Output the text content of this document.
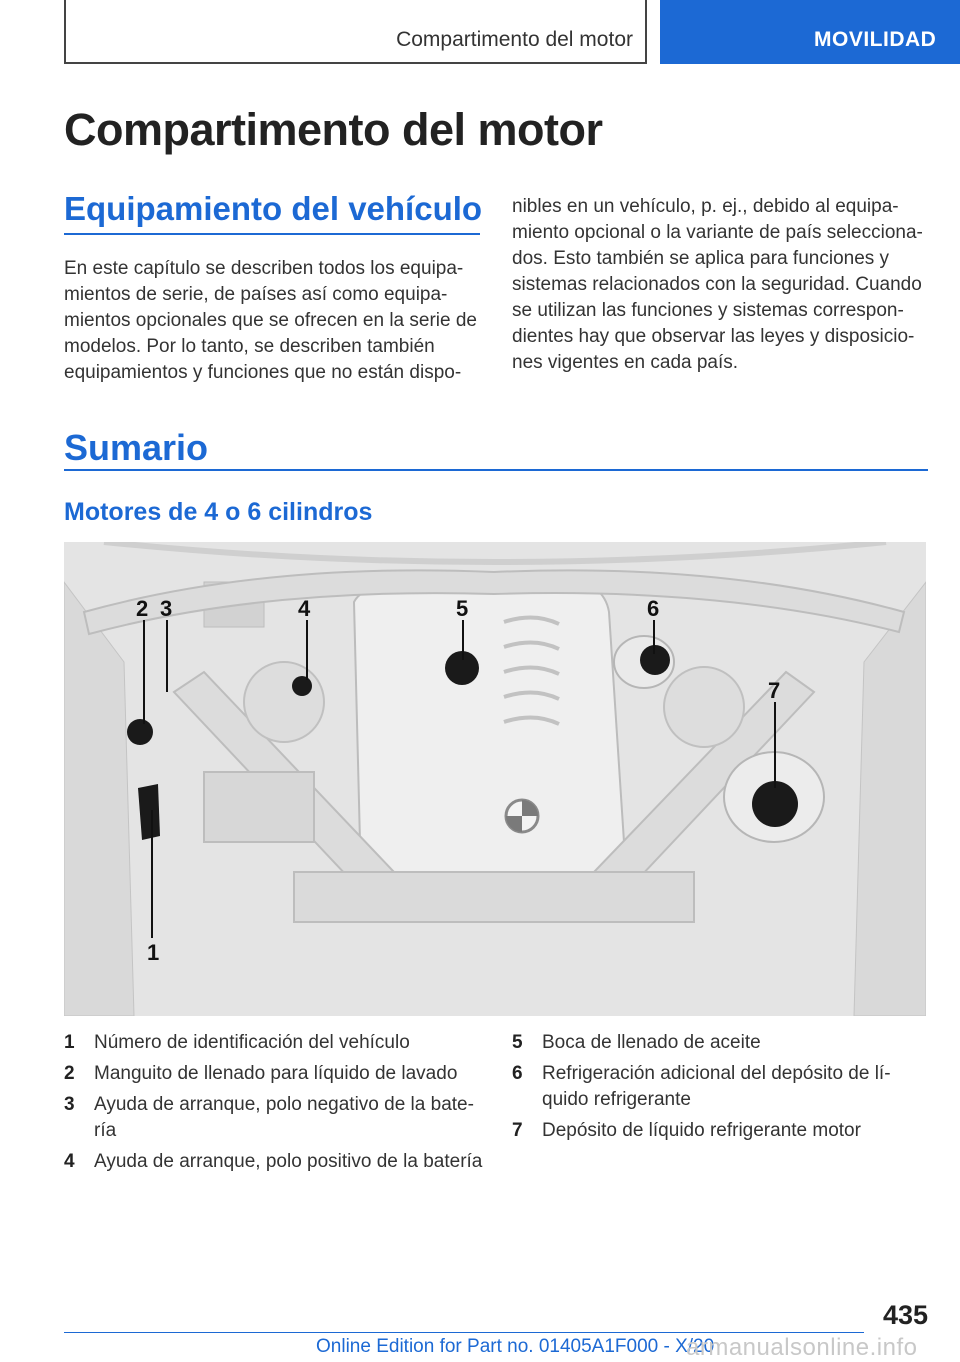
Compartimento del motor	MOVILIDAD
Compartimento del motor
Equipamiento del vehículo

En este capítulo se describen todos los equipa-mientos de serie, de países así como equipa-mientos opcionales que se ofrecen en la serie de modelos. Por lo tanto, se describen también equipamientos y funciones que no están dispo-

nibles en un vehículo, p. ej., debido al equipa-miento opcional o la variante de país seleccionа-dos. Esto también se aplica para funciones y sistemas relacionados con la seguridad. Cuando se utilizan las funciones y sistemas correspon-dientes hay que observar las leyes y disposicio-nes vigentes en cada país.

Sumario
Motores de 4 o 6 cilindros
2 3	4	5	6
7
1
1 Número de identificación del vehículo
2 Manguito de llenado para líquido de lavado
3 Ayuda de arranque, polo negativo de la bate-ría
4 Ayuda de arranque, polo positivo de la batería
5 Boca de llenado de aceite
6 Refrigeración adicional del depósito de lí-quido refrigerante
7 Depósito de líquido refrigerante motor
435
Online Edition for Part no. 01405A1F000 - X/20
armanualsonline.info
